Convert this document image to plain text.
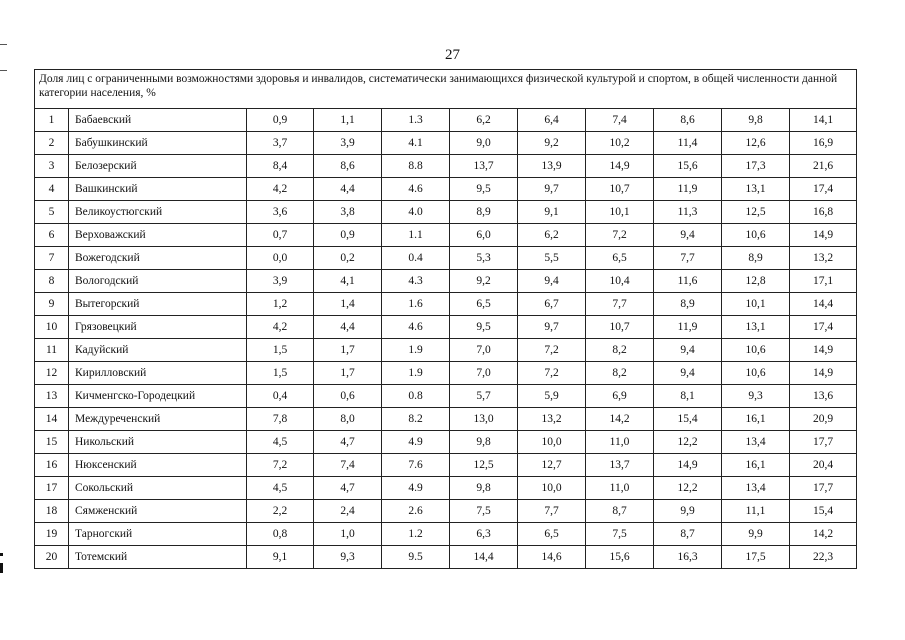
27
Доля лиц с ограниченными возможностями здоровья и инвалидов, систематически занимающихся физической культурой и спортом, в общей численности данной категории населения, %										
1	Бабаевский	0,9	1,1	1.3	6,2	6,4	7,4	8,6	9,8	14,1
2	Бабушкинский	3,7	3,9	4.1	9,0	9,2	10,2	11,4	12,6	16,9
3	Белозерский	8,4	8,6	8.8	13,7	13,9	14,9	15,6	17,3	21,6
4	Вашкинский	4,2	4,4	4.6	9,5	9,7	10,7	11,9	13,1	17,4
5	Великоустюгский	3,6	3,8	4.0	8,9	9,1	10,1	11,3	12,5	16,8
6	Верховажский	0,7	0,9	1.1	6,0	6,2	7,2	9,4	10,6	14,9
7	Вожегодский	0,0	0,2	0.4	5,3	5,5	6,5	7,7	8,9	13,2
8	Вологодский	3,9	4,1	4.3	9,2	9,4	10,4	11,6	12,8	17,1
9	Вытегорский	1,2	1,4	1.6	6,5	6,7	7,7	8,9	10,1	14,4
10	Грязовецкий	4,2	4,4	4.6	9,5	9,7	10,7	11,9	13,1	17,4
11	Кадуйский	1,5	1,7	1.9	7,0	7,2	8,2	9,4	10,6	14,9
12	Кирилловский	1,5	1,7	1.9	7,0	7,2	8,2	9,4	10,6	14,9
13	Кичменгско-Городецкий	0,4	0,6	0.8	5,7	5,9	6,9	8,1	9,3	13,6
14	Междуреченский	7,8	8,0	8.2	13,0	13,2	14,2	15,4	16,1	20,9
15	Никольский	4,5	4,7	4.9	9,8	10,0	11,0	12,2	13,4	17,7
16	Нюксенский	7,2	7,4	7.6	12,5	12,7	13,7	14,9	16,1	20,4
17	Сокольский	4,5	4,7	4.9	9,8	10,0	11,0	12,2	13,4	17,7
18	Сямженский	2,2	2,4	2.6	7,5	7,7	8,7	9,9	11,1	15,4
19	Тарногский	0,8	1,0	1.2	6,3	6,5	7,5	8,7	9,9	14,2
20	Тотемский	9,1	9,3	9.5	14,4	14,6	15,6	16,3	17,5	22,3
